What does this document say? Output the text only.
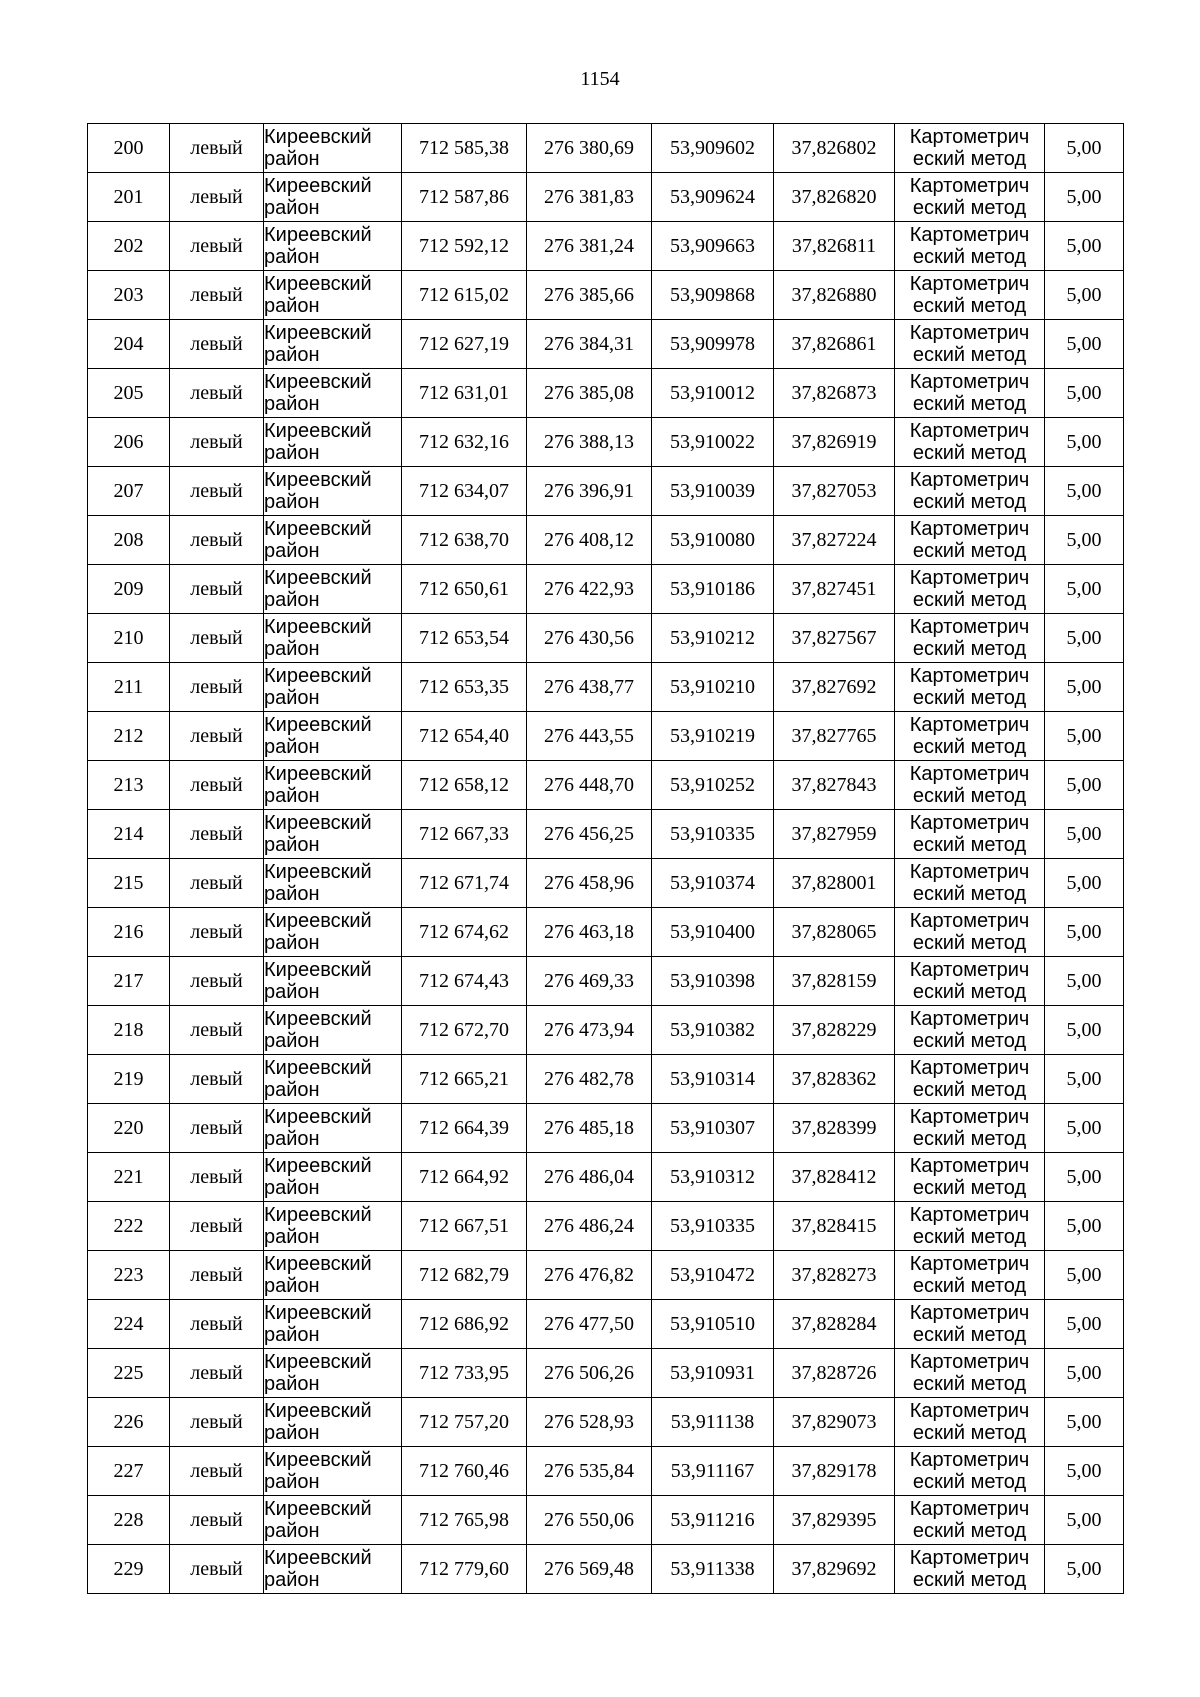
1154
200	левый	Киреевский район	712 585,38	276 380,69	53,909602	37,826802	Картометрич еский метод	5,00
201	левый	Киреевский район	712 587,86	276 381,83	53,909624	37,826820	Картометрич еский метод	5,00
202	левый	Киреевский район	712 592,12	276 381,24	53,909663	37,826811	Картометрич еский метод	5,00
203	левый	Киреевский район	712 615,02	276 385,66	53,909868	37,826880	Картометрич еский метод	5,00
204	левый	Киреевский район	712 627,19	276 384,31	53,909978	37,826861	Картометрич еский метод	5,00
205	левый	Киреевский район	712 631,01	276 385,08	53,910012	37,826873	Картометрич еский метод	5,00
206	левый	Киреевский район	712 632,16	276 388,13	53,910022	37,826919	Картометрич еский метод	5,00
207	левый	Киреевский район	712 634,07	276 396,91	53,910039	37,827053	Картометрич еский метод	5,00
208	левый	Киреевский район	712 638,70	276 408,12	53,910080	37,827224	Картометрич еский метод	5,00
209	левый	Киреевский район	712 650,61	276 422,93	53,910186	37,827451	Картометрич еский метод	5,00
210	левый	Киреевский район	712 653,54	276 430,56	53,910212	37,827567	Картометрич еский метод	5,00
211	левый	Киреевский район	712 653,35	276 438,77	53,910210	37,827692	Картометрич еский метод	5,00
212	левый	Киреевский район	712 654,40	276 443,55	53,910219	37,827765	Картометрич еский метод	5,00
213	левый	Киреевский район	712 658,12	276 448,70	53,910252	37,827843	Картометрич еский метод	5,00
214	левый	Киреевский район	712 667,33	276 456,25	53,910335	37,827959	Картометрич еский метод	5,00
215	левый	Киреевский район	712 671,74	276 458,96	53,910374	37,828001	Картометрич еский метод	5,00
216	левый	Киреевский район	712 674,62	276 463,18	53,910400	37,828065	Картометрич еский метод	5,00
217	левый	Киреевский район	712 674,43	276 469,33	53,910398	37,828159	Картометрич еский метод	5,00
218	левый	Киреевский район	712 672,70	276 473,94	53,910382	37,828229	Картометрич еский метод	5,00
219	левый	Киреевский район	712 665,21	276 482,78	53,910314	37,828362	Картометрич еский метод	5,00
220	левый	Киреевский район	712 664,39	276 485,18	53,910307	37,828399	Картометрич еский метод	5,00
221	левый	Киреевский район	712 664,92	276 486,04	53,910312	37,828412	Картометрич еский метод	5,00
222	левый	Киреевский район	712 667,51	276 486,24	53,910335	37,828415	Картометрич еский метод	5,00
223	левый	Киреевский район	712 682,79	276 476,82	53,910472	37,828273	Картометрич еский метод	5,00
224	левый	Киреевский район	712 686,92	276 477,50	53,910510	37,828284	Картометрич еский метод	5,00
225	левый	Киреевский район	712 733,95	276 506,26	53,910931	37,828726	Картометрич еский метод	5,00
226	левый	Киреевский район	712 757,20	276 528,93	53,911138	37,829073	Картометрич еский метод	5,00
227	левый	Киреевский район	712 760,46	276 535,84	53,911167	37,829178	Картометрич еский метод	5,00
228	левый	Киреевский район	712 765,98	276 550,06	53,911216	37,829395	Картометрич еский метод	5,00
229	левый	Киреевский район	712 779,60	276 569,48	53,911338	37,829692	Картометрич еский метод	5,00
